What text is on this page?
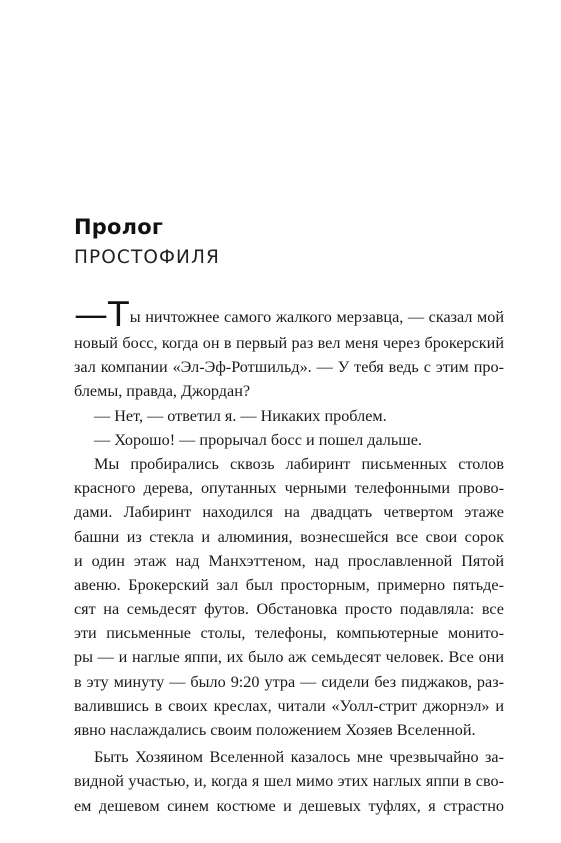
Пролог
ПРОСТОФИЛЯ
—Ты ничтожнее самого жалкого мерзавца, — сказал мой
новый босс, когда он в первый раз вел меня через брокерский
зал компании «Эл-Эф-Ротшильд». — У тебя ведь с этим про-
блемы, правда, Джордан?
— Нет, — ответил я. — Никаких проблем.
— Хорошо! — прорычал босс и пошел дальше.
Мы пробирались сквозь лабиринт письменных столов
красного дерева, опутанных черными телефонными прово-
дами. Лабиринт находился на двадцать четвертом этаже
башни из стекла и алюминия, вознесшейся все свои сорок
и один этаж над Манхэттеном, над прославленной Пятой
авеню. Брокерский зал был просторным, примерно пятьде-
сят на семьдесят футов. Обстановка просто подавляла: все
эти письменные столы, телефоны, компьютерные монито-
ры — и наглые яппи, их было аж семьдесят человек. Все они
в эту минуту — было 9:20 утра — сидели без пиджаков, раз-
валившись в своих креслах, читали «Уолл-стрит джорнэл» и
явно наслаждались своим положением Хозяев Вселенной.
Быть Хозяином Вселенной казалось мне чрезвычайно за-
видной участью, и, когда я шел мимо этих наглых яппи в сво-
ем дешевом синем костюме и дешевых туфлях, я страстно
